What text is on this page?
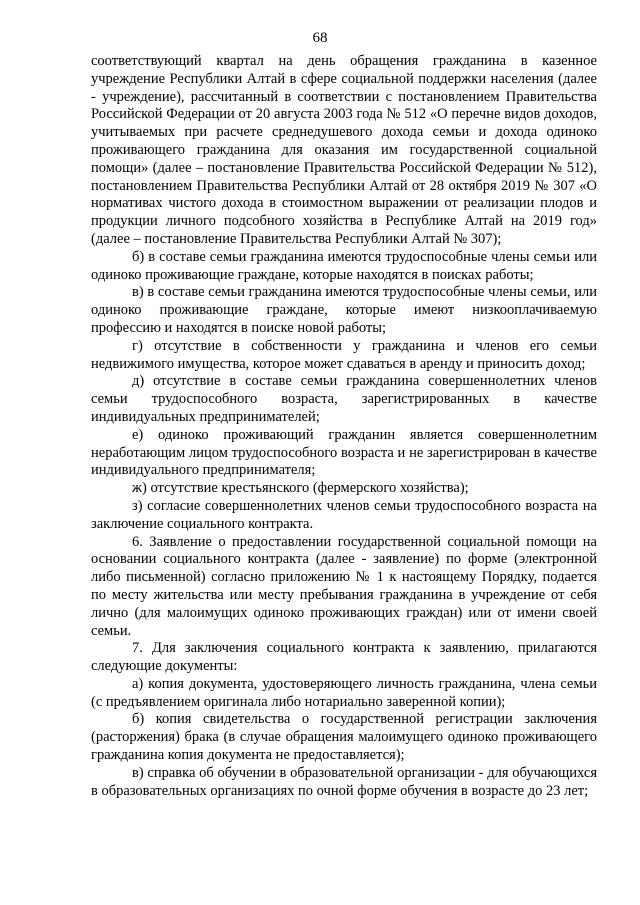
68

соответствующий квартал на день обращения гражданина в казенное учреждение Республики Алтай в сфере социальной поддержки населения (далее - учреждение), рассчитанный в соответствии с постановлением Правительства Российской Федерации от 20 августа 2003 года № 512 «О перечне видов доходов, учитываемых при расчете среднедушевого дохода семьи и дохода одиноко проживающего гражданина для оказания им государственной социальной помощи» (далее – постановление Правительства Российской Федерации № 512), постановлением Правительства Республики Алтай от 28 октября 2019 № 307 «О нормативах чистого дохода в стоимостном выражении от реализации плодов и продукции личного подсобного хозяйства в Республике Алтай на 2019 год» (далее – постановление Правительства Республики Алтай № 307);

б) в составе семьи гражданина имеются трудоспособные члены семьи или одиноко проживающие граждане, которые находятся в поисках работы;

в) в составе семьи гражданина имеются трудоспособные члены семьи, или одиноко проживающие граждане, которые имеют низкооплачиваемую профессию и находятся в поиске новой работы;

г) отсутствие в собственности у гражданина и членов его семьи недвижимого имущества, которое может сдаваться в аренду и приносить доход;

д) отсутствие в составе семьи гражданина совершеннолетних членов семьи трудоспособного возраста, зарегистрированных в качестве индивидуальных предпринимателей;

е) одиноко проживающий гражданин является совершеннолетним неработающим лицом трудоспособного возраста и не зарегистрирован в качестве индивидуального предпринимателя;

ж) отсутствие крестьянского (фермерского хозяйства);

з) согласие совершеннолетних членов семьи трудоспособного возраста на заключение социального контракта.

6. Заявление о предоставлении государственной социальной помощи на основании социального контракта (далее - заявление) по форме (электронной либо письменной) согласно приложению № 1 к настоящему Порядку, подается по месту жительства или месту пребывания гражданина в учреждение от себя лично (для малоимущих одиноко проживающих граждан) или от имени своей семьи.

7. Для заключения социального контракта к заявлению, прилагаются следующие документы:

а) копия документа, удостоверяющего личность гражданина, члена семьи (с предъявлением оригинала либо нотариально заверенной копии);

б) копия свидетельства о государственной регистрации заключения (расторжения) брака (в случае обращения малоимущего одиноко проживающего гражданина копия документа не предоставляется);

в) справка об обучении в образовательной организации - для обучающихся в образовательных организациях по очной форме обучения в возрасте до 23 лет;
